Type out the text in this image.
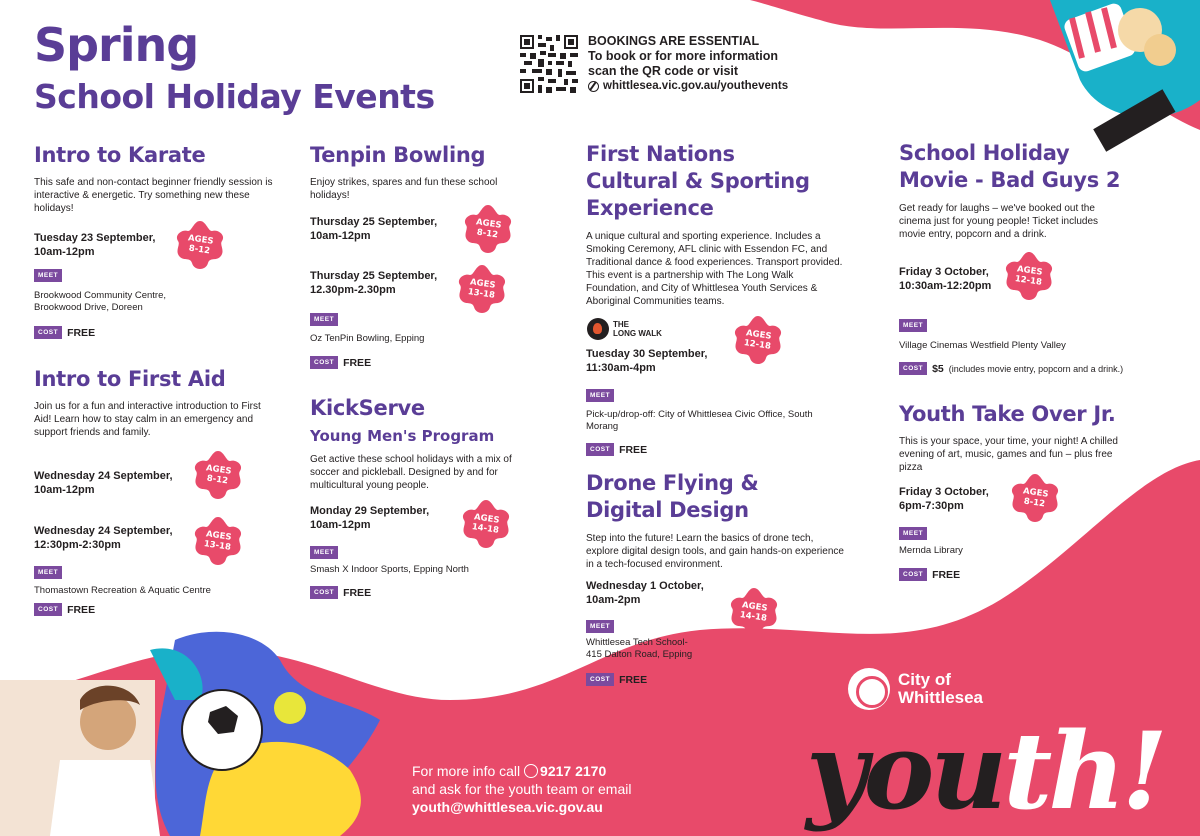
Spring
School Holiday Events
BOOKINGS ARE ESSENTIAL
To book or for more information
scan the QR code or visit
whittlesea.vic.gov.au/youthevents
Intro to Karate
This safe and non-contact beginner friendly session is interactive & energetic. Try something new these holidays!
Tuesday 23 September,
10am-12pm
AGES
8-12
MEET
Brookwood Community Centre,
Brookwood Drive, Doreen
COST FREE
Intro to First Aid
Join us for a fun and interactive introduction to First Aid! Learn how to stay calm in an emergency and support friends and family.
Wednesday 24 September,
10am-12pm
AGES
8-12
Wednesday 24 September,
12:30pm-2:30pm
AGES
13-18
MEET
Thomastown Recreation & Aquatic Centre
COST FREE
Tenpin Bowling
Enjoy strikes, spares and fun these school holidays!
Thursday 25 September,
10am-12pm
AGES
8-12
Thursday 25 September,
12.30pm-2.30pm	AGES
13-18
MEET
Oz TenPin Bowling, Epping
COST FREE
KickServe
Young Men's Program
Get active these school holidays with a mix of soccer and pickleball. Designed by and for multicultural young people.
Monday 29 September,
10am-12pm	AGES
14-18
MEET
Smash X Indoor Sports, Epping North
COST FREE
First Nations
Cultural & Sporting
Experience
A unique cultural and sporting experience. Includes a Smoking Ceremony, AFL clinic with Essendon FC, and Traditional dance & food experiences. Transport provided. This event is a partnership with The Long Walk Foundation, and City of Whittlesea Youth Services & Aboriginal Communities teams.
THE
LONG WALK
Tuesday 30 September,
11:30am-4pm
AGES
12-18
MEET
Pick-up/drop-off: City of Whittlesea Civic Office, South
Morang
COST FREE
Drone Flying &
Digital Design
Step into the future! Learn the basics of drone tech, explore digital design tools, and gain hands-on experience in a tech-focused environment.
Wednesday 1 October,
10am-2pm
AGES
14-18
MEET
Whittlesea Tech School-
415 Dalton Road, Epping
COST FREE
School Holiday
Movie - Bad Guys 2
Get ready for laughs – we've booked out the cinema just for young people! Ticket includes movie entry, popcorn and a drink.
Friday 3 October,
10:30am-12:20pm
AGES
12-18
MEET
Village Cinemas Westfield Plenty Valley
COST $5 (includes movie entry, popcorn and a drink.)
Youth Take Over Jr.
This is your space, your time, your night! A chilled evening of art, music, games and fun – plus free pizza
Friday 3 October,
6pm-7:30pm
AGES
8-12
MEET
Mernda Library
COST FREE
For more info call 9217 2170
and ask for the youth team or email
youth@whittlesea.vic.gov.au
City of
Whittlesea
youth!
